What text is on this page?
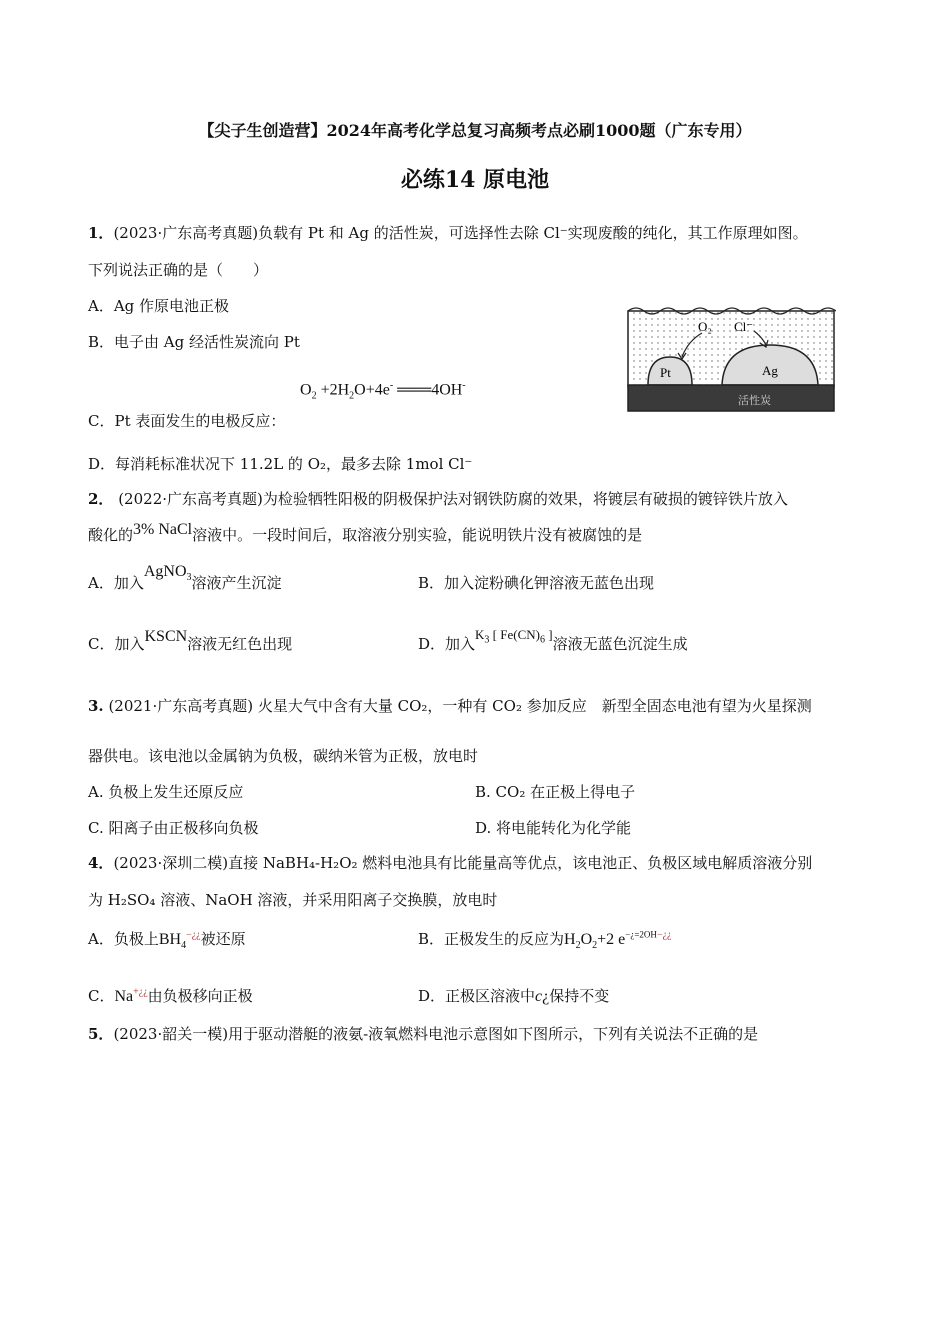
【尖子生创造营】2024年高考化学总复习高频考点必刷1000题（广东专用）
必练14 原电池
1．(2023·广东高考真题)负载有 Pt 和 Ag 的活性炭，可选择性去除 Cl⁻实现废酸的纯化，其工作原理如图。
下列说法正确的是（　　）
A．Ag 作原电池正极
B．电子由 Ag 经活性炭流向 Pt
$O_2 +2H_2O+4e^-$ ═══4OH-
C．Pt 表面发生的电极反应：
D．每消耗标准状况下 11.2L 的 O₂，最多去除 1mol Cl⁻
O₂ Cl⁻
Pt	Ag
活性炭
2． (2022·广东高考真题)为检验牺牲阳极的阴极保护法对钢铁防腐的效果，将镀层有破损的镀锌铁片放入
酸化的3% NaCl溶液中。一段时间后，取溶液分别实验，能说明铁片没有被腐蚀的是
A．加入AgNO$_3$溶液产生沉淀	B．加入淀粉碘化钾溶液无蓝色出现
C．加入KSCN溶液无红色出现	D．加入$K_3$ [ $Fe(CN)_6$ ]溶液无蓝色沉淀生成
3. (2021·广东高考真题) 火星大气中含有大量 CO₂，一种有 CO₂ 参加反应　新型全固态电池有望为火星探测
器供电。该电池以金属钠为负极，碳纳米管为正极，放电时
A. 负极上发生还原反应	B. CO₂ 在正极上得电子
C. 阳离子由正极移向负极	D. 将电能转化为化学能
4．(2023·深圳二模)直接 NaBH₄-H₂O₂ 燃料电池具有比能量高等优点，该电池正、负极区域电解质溶液分别
为 H₂SO₄ 溶液、NaOH 溶液，并采用阳离子交换膜，放电时
A．负极上$BH_4^{-¿¿}$被还原	B．正极发生的反应为$H_2O_2+2$ $e^{-¿=2OH-¿¿}$
C．Na+¿¿由负极移向正极	D．正极区溶液中c¿保持不变
5．(2023·韶关一模)用于驱动潜艇的液氨-液氧燃料电池示意图如下图所示，下列有关说法不正确的是
